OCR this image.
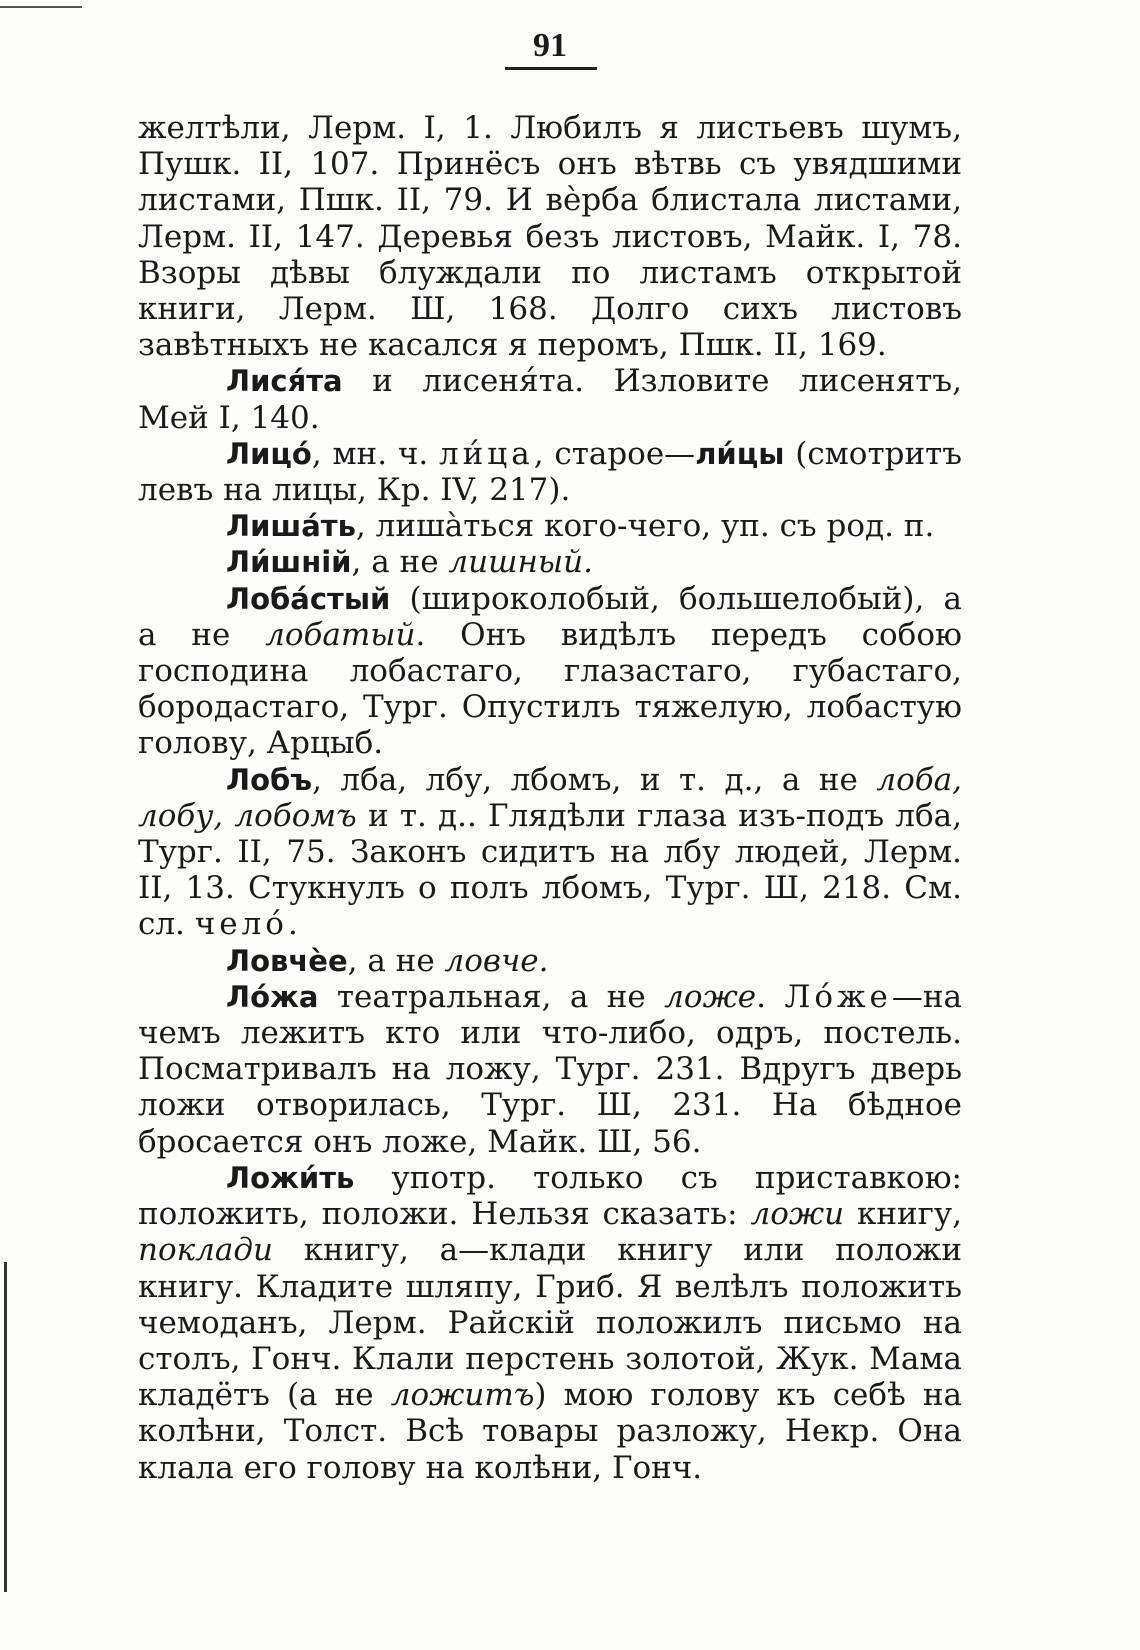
91

желтѣли, Лерм. I, 1. Любилъ я листьевъ шумъ, Пушк. II, 107. Принёсъ онъ вѣтвь съ увядшими листами, Пшк. II, 79. И вѐрба блистала листами, Лерм. II, 147. Деревья безъ листовъ, Майк. I, 78. Взоры дѣвы блуждали по листамъ открытой книги, Лерм. Ш, 168. Долго сихъ листовъ завѣтныхъ не касался я перомъ, Пшк. II, 169.

Лися́та и лисеня́та. Изловите лисенятъ, Мей I, 140.

Лицо́, мн. ч. ли́ца, старое—ли́цы (смотритъ левъ на лицы, Кр. IV, 217).

Лиша́ть, лиша̀ться кого-чего, уп. съ род. п.

Ли́шній, а не лишный.

Лоба́стый (широколобый, большелобый), а а не лобатый. Онъ видѣлъ передъ собою господина лобастаго, глазастаго, губастаго, бородастаго, Тург. Опустилъ тяжелую, лобастую голову, Арцыб.

Лобъ, лба, лбу, лбомъ, и т. д., а не лоба, лобу, лобомъ и т. д.. Глядѣли глаза изъ-подъ лба, Тург. II, 75. Законъ сидитъ на лбу людей, Лерм. II, 13. Стукнулъ о полъ лбомъ, Тург. Ш, 218. См. сл. чело́.

Ловчѐе, а не ловче.

Ло́жа театральная, а не ложе. Ло́же—на чемъ лежитъ кто или что-либо, одръ, постель. Посматривалъ на ложу, Тург. 231. Вдругъ дверь ложи отворилась, Тург. Ш, 231. На бѣдное бросается онъ ложе, Майк. Ш, 56.

Ложи́ть употр. только съ приставкою: положить, положи. Нельзя сказать: ложи книгу, поклади книгу, а—клади книгу или положи книгу. Кладите шляпу, Гриб. Я велѣлъ положить чемоданъ, Лерм. Райскій положилъ письмо на столъ, Гонч. Клали перстень золотой, Жук. Мама кладётъ (а не ложитъ) мою голову къ себѣ на колѣни, Толст. Всѣ товары разложу, Некр. Она клала его голову на колѣни, Гонч.
